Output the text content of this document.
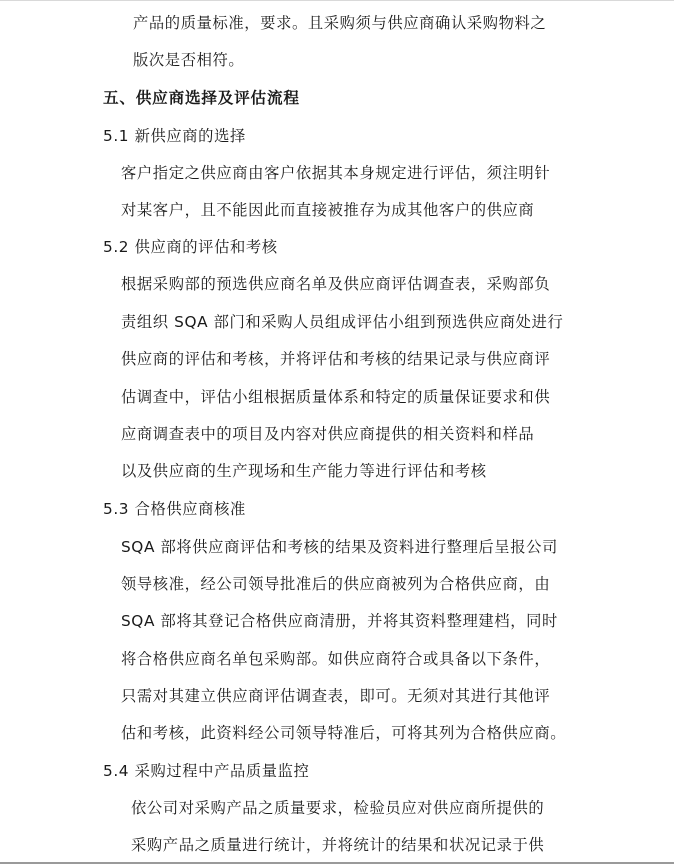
产品的质量标准，要求。且采购须与供应商确认采购物料之
版次是否相符。
五、供应商选择及评估流程
5.1 新供应商的选择
客户指定之供应商由客户依据其本身规定进行评估，须注明针
对某客户，且不能因此而直接被推存为成其他客户的供应商
5.2 供应商的评估和考核
根据采购部的预选供应商名单及供应商评估调查表，采购部负
责组织 SQA 部门和采购人员组成评估小组到预选供应商处进行
供应商的评估和考核，并将评估和考核的结果记录与供应商评
估调查中，评估小组根据质量体系和特定的质量保证要求和供
应商调查表中的项目及内容对供应商提供的相关资料和样品
以及供应商的生产现场和生产能力等进行评估和考核
5.3 合格供应商核准
SQA 部将供应商评估和考核的结果及资料进行整理后呈报公司
领导核准，经公司领导批准后的供应商被列为合格供应商，由
SQA 部将其登记合格供应商清册，并将其资料整理建档，同时
将合格供应商名单包采购部。如供应商符合或具备以下条件，
只需对其建立供应商评估调查表，即可。无须对其进行其他评
估和考核，此资料经公司领导特准后，可将其列为合格供应商。
5.4 采购过程中产品质量监控
依公司对采购产品之质量要求，检验员应对供应商所提供的
采购产品之质量进行统计，并将统计的结果和状况记录于供
